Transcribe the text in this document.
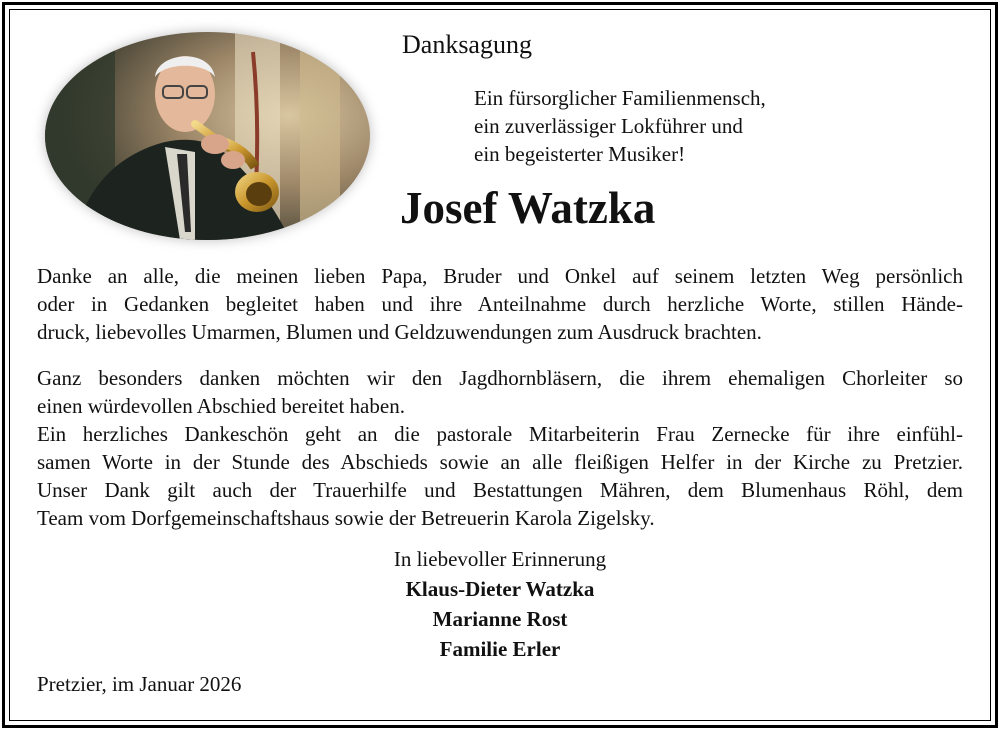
Danksagung
Ein fürsorglicher Familienmensch,
ein zuverlässiger Lokführer und
ein begeisterter Musiker!
Josef Watzka
Danke an alle, die meinen lieben Papa, Bruder und Onkel auf seinem letzten Weg persönlich
oder in Gedanken begleitet haben und ihre Anteilnahme durch herzliche Worte, stillen Hände-
druck, liebevolles Umarmen, Blumen und Geldzuwendungen zum Ausdruck brachten.
Ganz besonders danken möchten wir den Jagdhornbläsern, die ihrem ehemaligen Chorleiter so
einen würdevollen Abschied bereitet haben.
Ein herzliches Dankeschön geht an die pastorale Mitarbeiterin Frau Zernecke für ihre einfühl-
samen Worte in der Stunde des Abschieds sowie an alle fleißigen Helfer in der Kirche zu Pretzier.
Unser Dank gilt auch der Trauerhilfe und Bestattungen Mähren, dem Blumenhaus Röhl, dem
Team vom Dorfgemeinschaftshaus sowie der Betreuerin Karola Zigelsky.
In liebevoller Erinnerung
Klaus-Dieter Watzka
Marianne Rost
Familie Erler
Pretzier, im Januar 2026
